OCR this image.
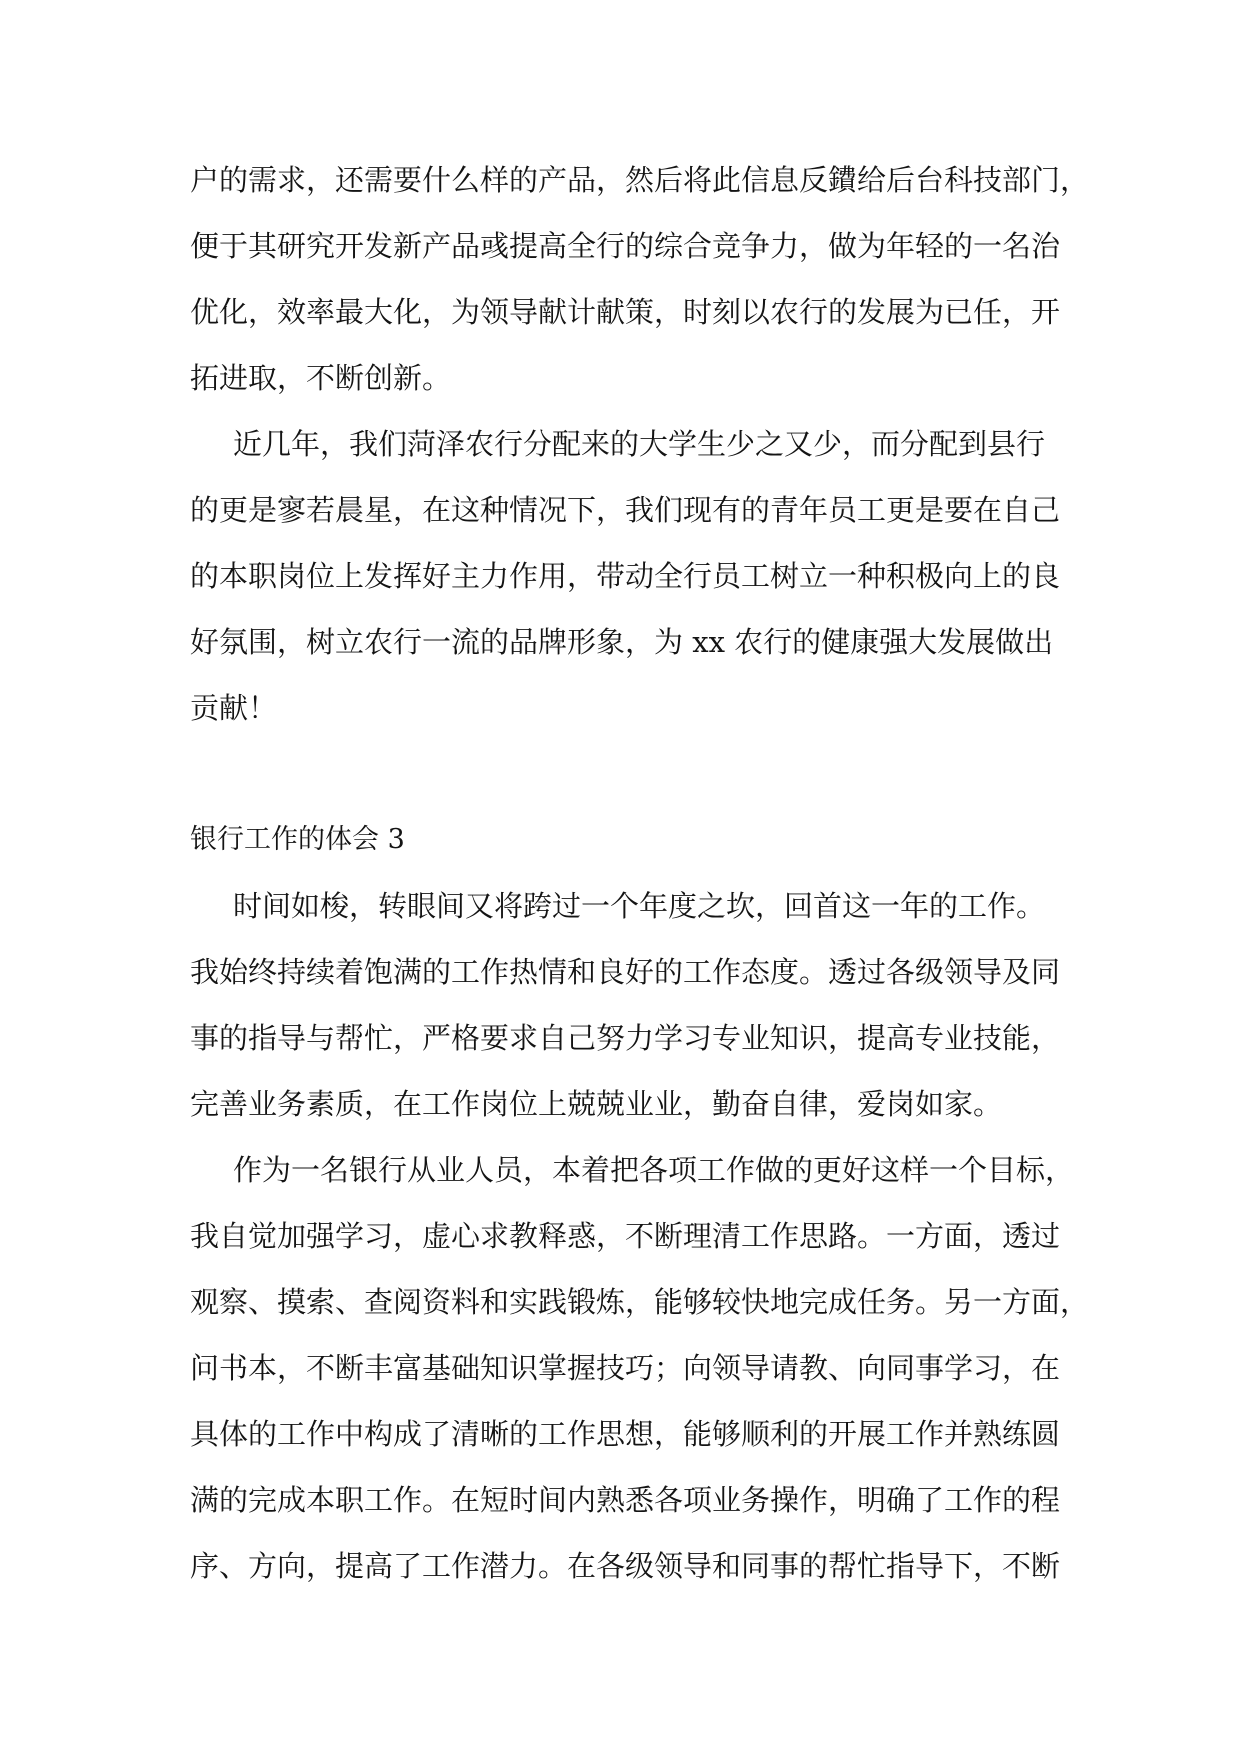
户的需求，还需要什么样的产品，然后将此信息反鐨给后台科技部门，
便于其研究开发新产品彧提高全行的综合竞争力，做为年轻的一名治
优化，效率最大化，为领导献计献策，时刻以农行的发展为已任，开
拓进取，不断创新。
近几年，我们菏泽农行分配来的大学生少之又少，而分配到县行
的更是寥若晨星，在这种情况下，我们现有的青年员工更是要在自己
的本职岗位上发挥好主力作用，带动全行员工树立一种积极向上的良
好氛围，树立农行一流的品牌形象，为 xx 农行的健康强大发展做出
贡献！
银行工作的体会 3
时间如梭，转眼间又将跨过一个年度之坎，回首这一年的工作。
我始终持续着饱满的工作热情和良好的工作态度。透过各级领导及同
事的指导与帮忙，严格要求自己努力学习专业知识，提高专业技能，
完善业务素质，在工作岗位上兢兢业业，勤奋自律，爱岗如家。
作为一名银行从业人员，本着把各项工作做的更好这样一个目标，
我自觉加强学习，虚心求教释惑，不断理清工作思路。一方面，透过
观察、摸索、查阅资料和实践锻炼，能够较快地完成任务。另一方面，
问书本，不断丰富基础知识掌握技巧；向领导请教、向同事学习，在
具体的工作中构成了清晰的工作思想，能够顺利的开展工作并熟练圆
满的完成本职工作。在短时间内熟悉各项业务操作，明确了工作的程
序、方向，提高了工作潜力。在各级领导和同事的帮忙指导下，不断
